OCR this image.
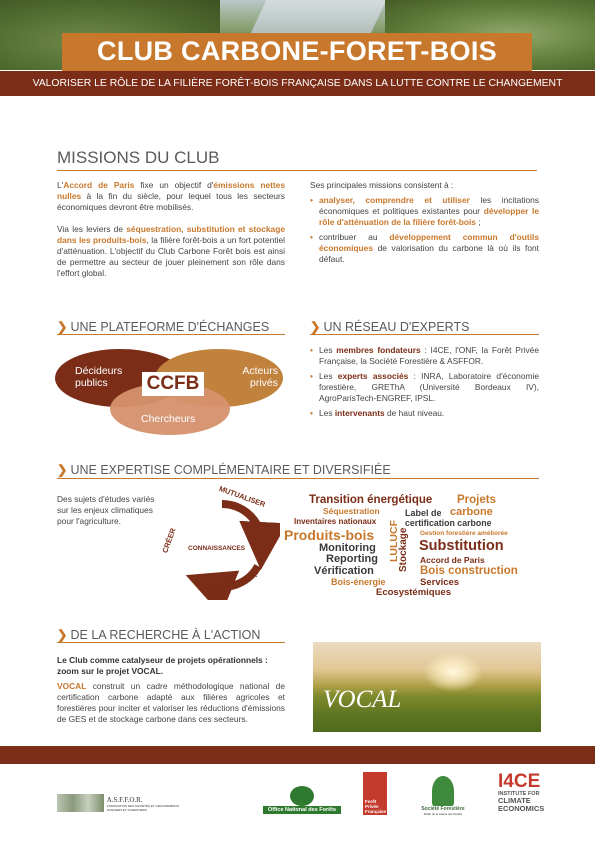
CLUB CARBONE-FORET-BOIS
VALORISER LE RÔLE DE LA FILIÈRE FORÊT-BOIS FRANÇAISE DANS LA LUTTE CONTRE LE CHANGEMENT CLIMATIQUE
MISSIONS DU CLUB
L'Accord de Paris fixe un objectif d'émissions nettes nulles à la fin du siècle, pour lequel tous les secteurs économiques devront être mobilisés.
Via les leviers de séquestration, substitution et stockage dans les produits-bois, la filière forêt-bois a un fort potentiel d'atténuation. L'objectif du Club Carbone Forêt bois est ainsi de permettre au secteur de jouer pleinement son rôle dans l'effort global.
Ses principales missions consistent à :
• analyser, comprendre et utiliser les incitations économiques et politiques existantes pour développer le rôle d'atténuation de la filière forêt-bois ;
• contribuer au développement commun d'outils économiques de valorisation du carbone là où ils font défaut.
❯ UNE PLATEFORME D'ÉCHANGES
Décideurs publics
Acteurs privés
Chercheurs
CCFB
❯ UN RÉSEAU D'EXPERTS
• Les membres fondateurs : I4CE, l'ONF, la Forêt Privée Française, la Société Forestière & ASFFOR.
• Les experts associés : INRA, Laboratoire d'économie forestière, GREThA (Université Bordeaux IV), AgroParisTech-ENGREF, IPSL.
• Les intervenants de haut niveau.
❯ UNE EXPERTISE COMPLÉMENTAIRE ET DIVERSIFIÉE
Des sujets d'études variés sur les enjeux climatiques pour l'agriculture.
MUTUALISER
CRÉER
CAPITALISER
CONNAISSANCES
Transition énergétique Projets
Séquestration	Label de carbone
Inventaires nationaux	certification carbone
Produits-bois	Gestion forestière améliorée
Monitoring	Substitution
Reporting	Accord de Paris
Vérification	Bois construction
Bois-énergie	Services
Ecosystémiques
LULUCF
Stockage
❯ DE LA RECHERCHE À L'ACTION
Le Club comme catalyseur de projets opérationnels : zoom sur le projet VOCAL.
VOCAL construit un cadre méthodologique national de certification carbone adapté aux filières agricoles et forestières pour inciter et valoriser les réductions d'émissions de GES et de stockage carbone dans ces secteurs.
VOCAL
A.S.F.F.O.R.
ASSOCIATION DES SOCIÉTÉS ET GROUPEMENTS FONCIERS ET FORESTIERS	Office National des Forêts
Forêt
Privée
Française	Société Forestière
Filiale de la Caisse des Dépôts
I4CE
INSTITUTE FOR
CLIMATE
ECONOMICS
